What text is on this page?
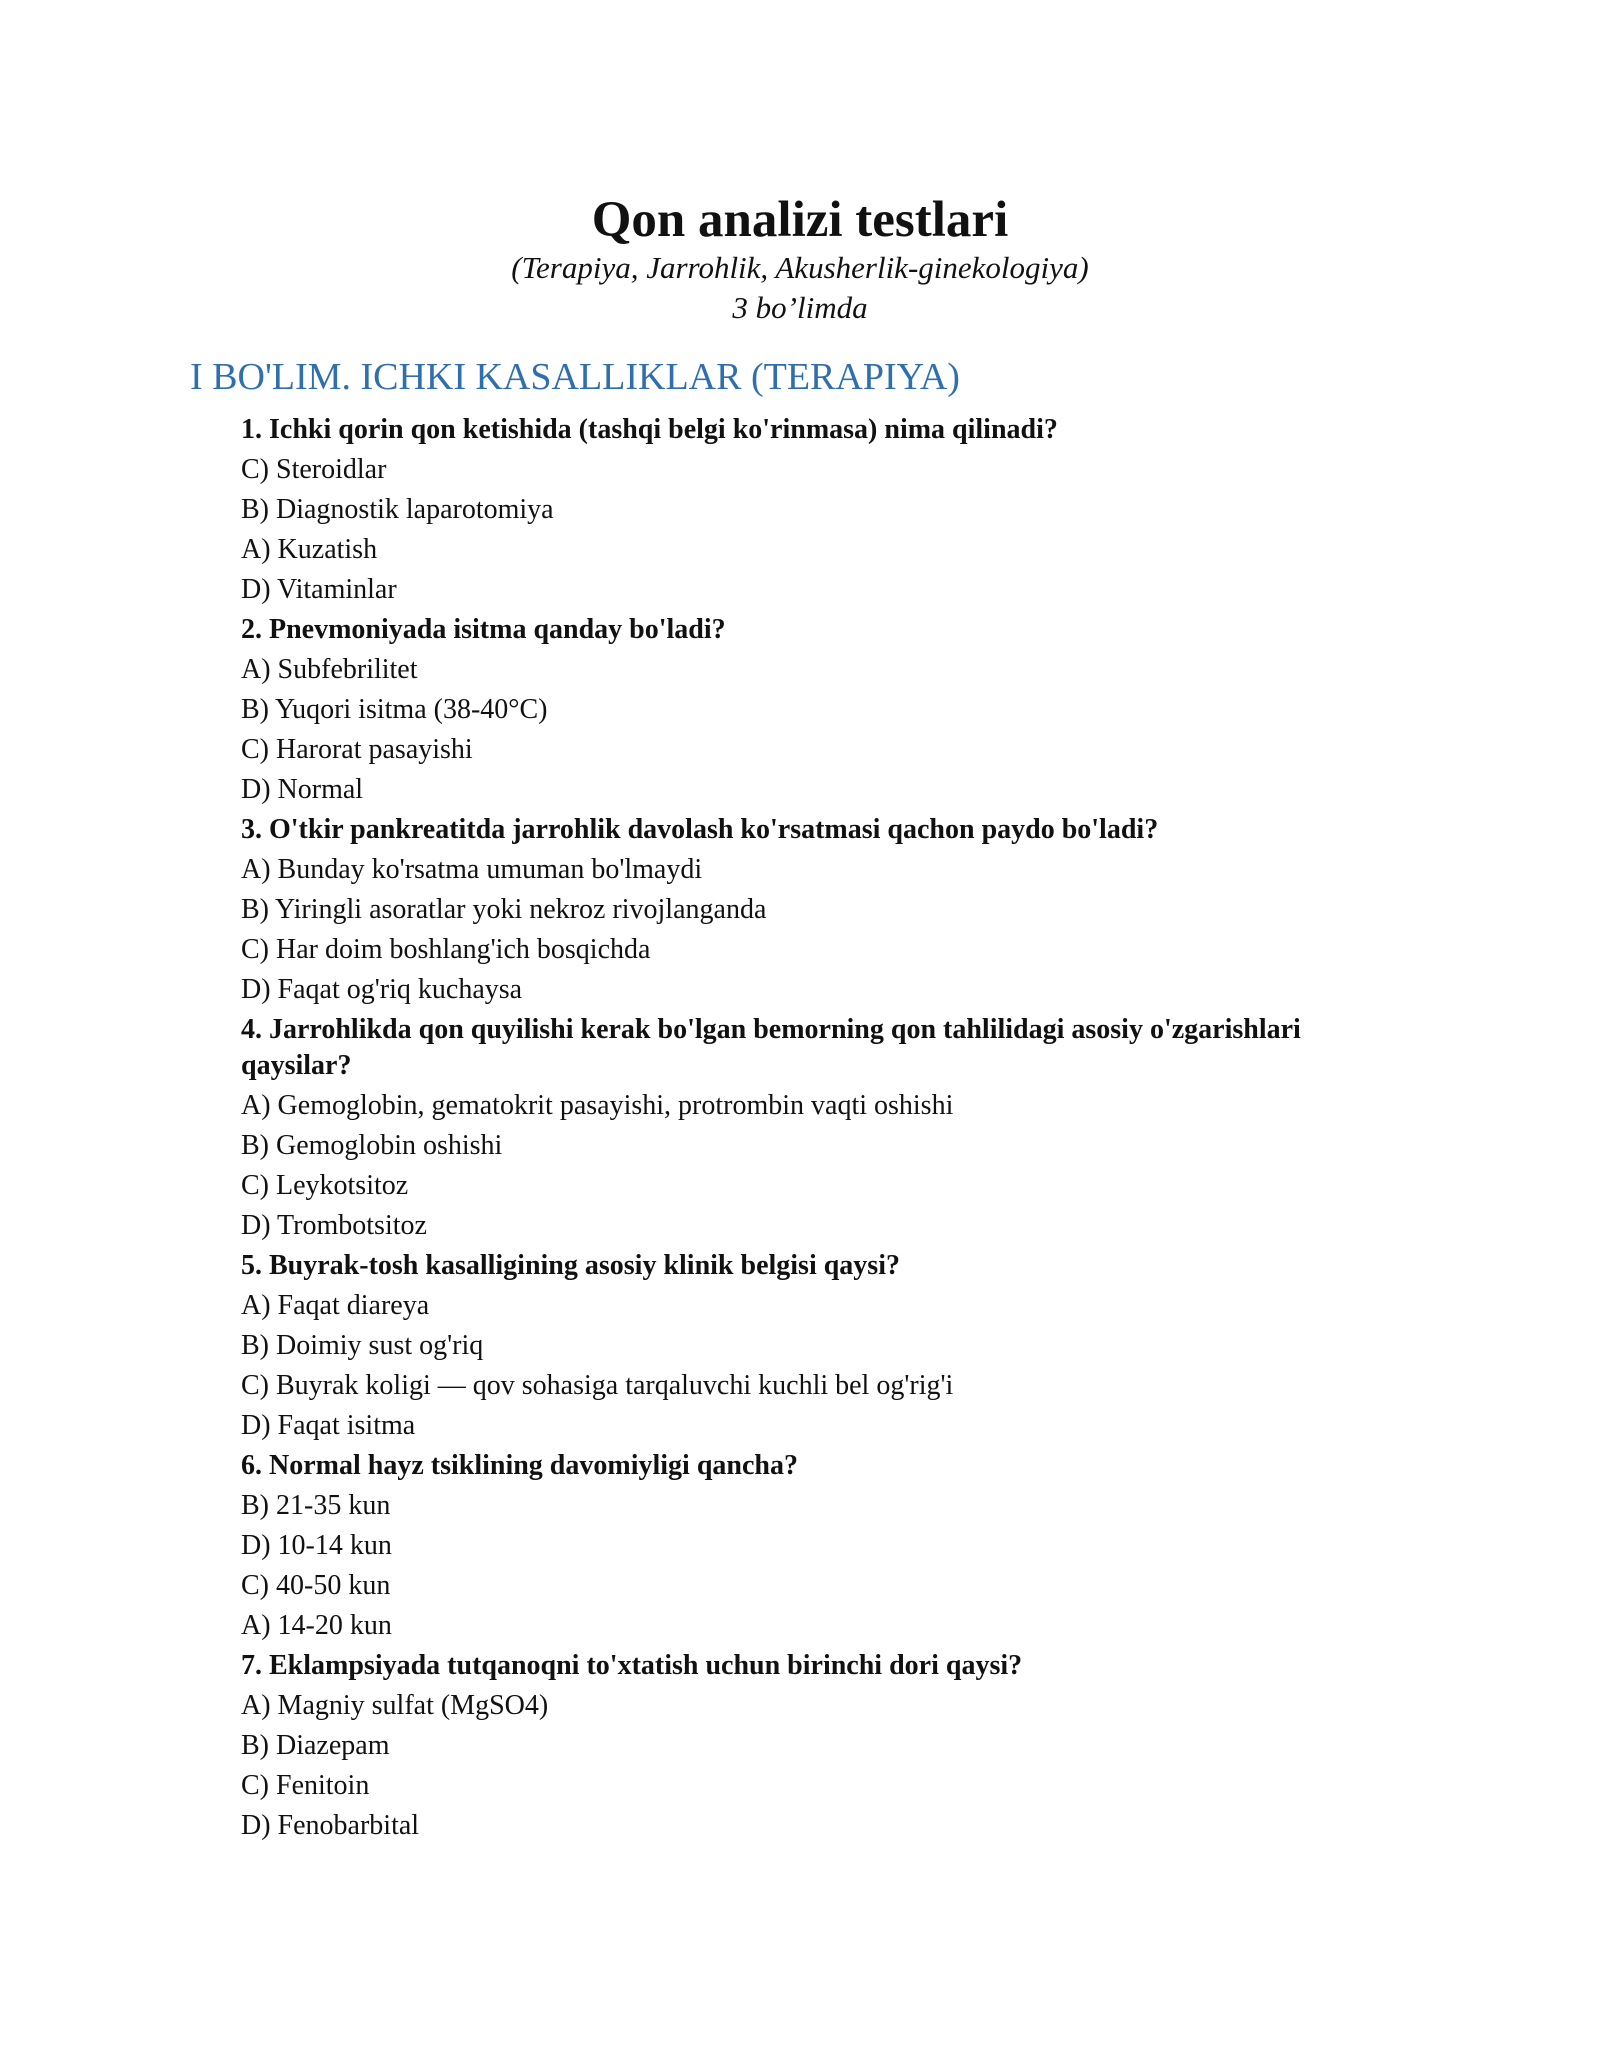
Qon analizi testlari

(Terapiya, Jarrohlik, Akusherlik-ginekologiya)

3 bo’limda

I BO'LIM. ICHKI KASALLIKLAR (TERAPIYA)
1. Ichki qorin qon ketishida (tashqi belgi ko'rinmasa) nima qilinadi?
C) Steroidlar
B) Diagnostik laparotomiya
A) Kuzatish
D) Vitaminlar
2. Pnevmoniyada isitma qanday bo'ladi?
A) Subfebrilitet
B) Yuqori isitma (38-40°C)
C) Harorat pasayishi
D) Normal
3. O'tkir pankreatitda jarrohlik davolash ko'rsatmasi qachon paydo bo'ladi?
A) Bunday ko'rsatma umuman bo'lmaydi
B) Yiringli asoratlar yoki nekroz rivojlanganda
C) Har doim boshlang'ich bosqichda
D) Faqat og'riq kuchaysa
4. Jarrohlikda qon quyilishi kerak bo'lgan bemorning qon tahlilidagi asosiy o'zgarishlari qaysilar?
A) Gemoglobin, gematokrit pasayishi, protrombin vaqti oshishi
B) Gemoglobin oshishi
C) Leykotsitoz
D) Trombotsitoz
5. Buyrak-tosh kasalligining asosiy klinik belgisi qaysi?
A) Faqat diareya
B) Doimiy sust og'riq
C) Buyrak koligi — qov sohasiga tarqaluvchi kuchli bel og'rig'i
D) Faqat isitma
6. Normal hayz tsiklining davomiyligi qancha?
B) 21-35 kun
D) 10-14 kun
C) 40-50 kun
A) 14-20 kun
7. Eklampsiyada tutqanoqni to'xtatish uchun birinchi dori qaysi?
A) Magniy sulfat (MgSO4)
B) Diazepam
C) Fenitoin
D) Fenobarbital
